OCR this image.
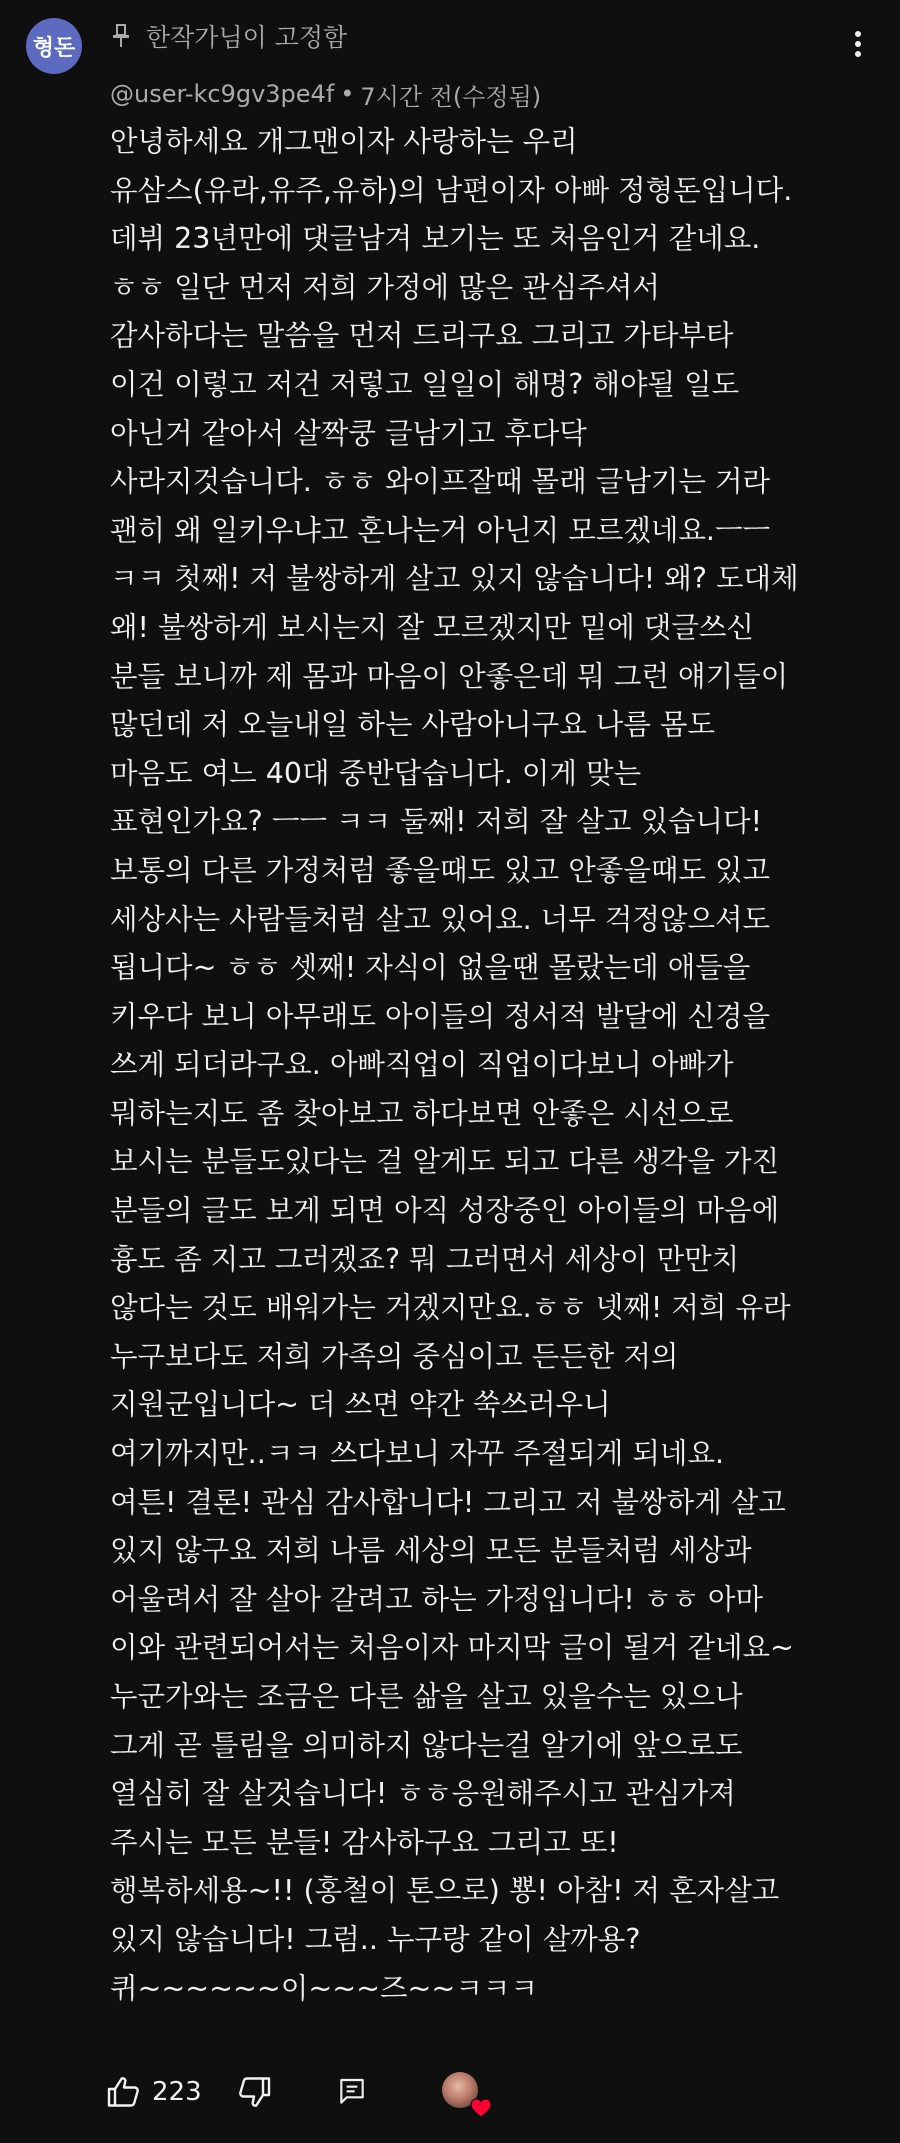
형돈	한작가님이 고정함
@user-kc9gv3pe4f • 7시간 전(수정됨)
안녕하세요 개그맨이자 사랑하는 우리
유삼스(유라,유주,유하)의 남편이자 아빠 정형돈입니다.
데뷔 23년만에 댓글남겨 보기는 또 처음인거 같네요.
ㅎㅎ 일단 먼저 저희 가정에 많은 관심주셔서
감사하다는 말씀을 먼저 드리구요 그리고 가타부타
이건 이렇고 저건 저렇고 일일이 해명? 해야될 일도
아닌거 같아서 살짝쿵 글남기고 후다닥
사라지것습니다. ㅎㅎ 와이프잘때 몰래 글남기는 거라
괜히 왜 일키우냐고 혼나는거 아닌지 모르겠네요.ㅡㅡ
ㅋㅋ 첫째! 저 불쌍하게 살고 있지 않습니다! 왜? 도대체
왜! 불쌍하게 보시는지 잘 모르겠지만 밑에 댓글쓰신
분들 보니까 제 몸과 마음이 안좋은데 뭐 그런 얘기들이
많던데 저 오늘내일 하는 사람아니구요 나름 몸도
마음도 여느 40대 중반답습니다. 이게 맞는
표현인가요? ㅡㅡ ㅋㅋ 둘째! 저희 잘 살고 있습니다!
보통의 다른 가정처럼 좋을때도 있고 안좋을때도 있고
세상사는 사람들처럼 살고 있어요. 너무 걱정않으셔도
됩니다~ ㅎㅎ 셋째! 자식이 없을땐 몰랐는데 애들을
키우다 보니 아무래도 아이들의 정서적 발달에 신경을
쓰게 되더라구요. 아빠직업이 직업이다보니 아빠가
뭐하는지도 좀 찾아보고 하다보면 안좋은 시선으로
보시는 분들도있다는 걸 알게도 되고 다른 생각을 가진
분들의 글도 보게 되면 아직 성장중인 아이들의 마음에
흉도 좀 지고 그러겠죠? 뭐 그러면서 세상이 만만치
않다는 것도 배워가는 거겠지만요.ㅎㅎ 넷째! 저희 유라
누구보다도 저희 가족의 중심이고 든든한 저의
지원군입니다~ 더 쓰면 약간 쑥쓰러우니
여기까지만..ㅋㅋ 쓰다보니 자꾸 주절되게 되네요.
여튼! 결론! 관심 감사합니다! 그리고 저 불쌍하게 살고
있지 않구요 저희 나름 세상의 모든 분들처럼 세상과
어울려서 잘 살아 갈려고 하는 가정입니다! ㅎㅎ 아마
이와 관련되어서는 처음이자 마지막 글이 될거 같네요~
누군가와는 조금은 다른 삶을 살고 있을수는 있으나
그게 곧 틀림을 의미하지 않다는걸 알기에 앞으로도
열심히 잘 살것습니다! ㅎㅎ응원해주시고 관심가져
주시는 모든 분들! 감사하구요 그리고 또!
행복하세용~!! (홍철이 톤으로) 뿅! 아참! 저 혼자살고
있지 않습니다! 그럼.. 누구랑 같이 살까용?
퀴~~~~~~이~~~즈~~ㅋㅋㅋ
223
